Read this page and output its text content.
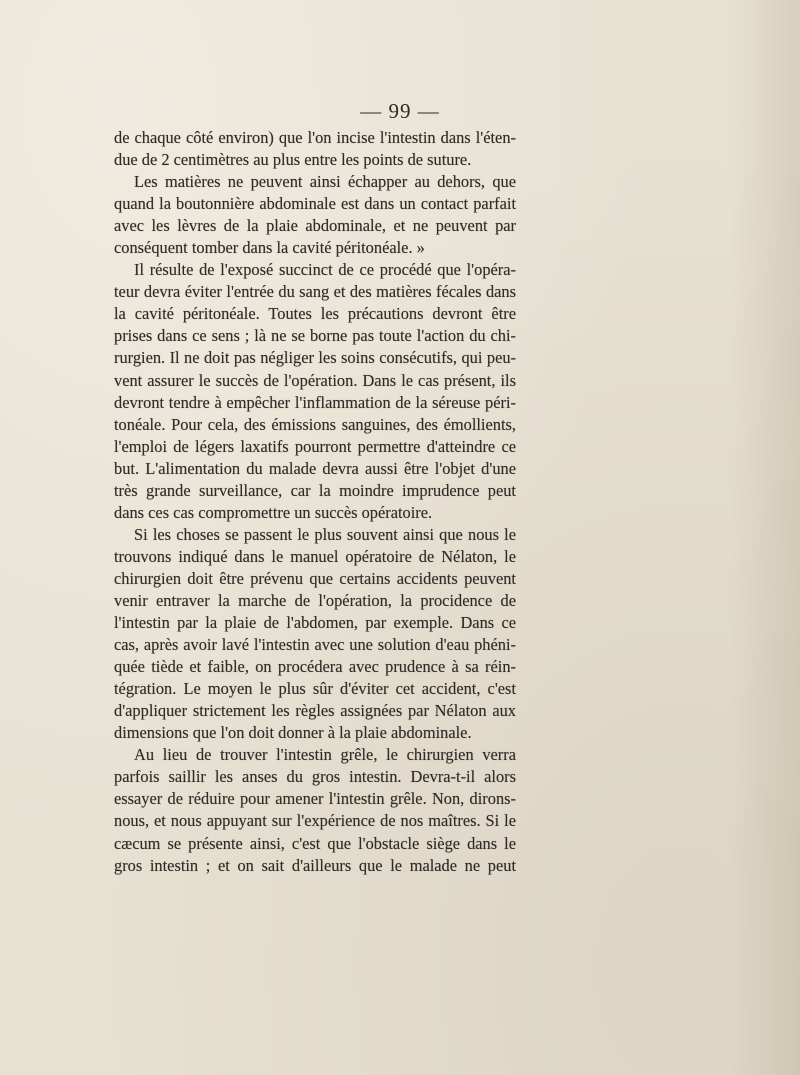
— 99 —

de chaque côté environ) que l'on incise l'intestin dans l'éten-

due de 2 centimètres au plus entre les points de suture.

Les matières ne peuvent ainsi échapper au dehors, que

quand la boutonnière abdominale est dans un contact parfait

avec les lèvres de la plaie abdominale, et ne peuvent par

conséquent tomber dans la cavité péritonéale. »

Il résulte de l'exposé succinct de ce procédé que l'opéra-

teur devra éviter l'entrée du sang et des matières fécales dans

la cavité péritonéale. Toutes les précautions devront être

prises dans ce sens ; là ne se borne pas toute l'action du chi-

rurgien. Il ne doit pas négliger les soins consécutifs, qui peu-

vent assurer le succès de l'opération. Dans le cas présent, ils

devront tendre à empêcher l'inflammation de la séreuse péri-

tonéale. Pour cela, des émissions sanguines, des émollients,

l'emploi de légers laxatifs pourront permettre d'atteindre ce

but. L'alimentation du malade devra aussi être l'objet d'une

très grande surveillance, car la moindre imprudence peut

dans ces cas compromettre un succès opératoire.

Si les choses se passent le plus souvent ainsi que nous le

trouvons indiqué dans le manuel opératoire de Nélaton, le

chirurgien doit être prévenu que certains accidents peuvent

venir entraver la marche de l'opération, la procidence de

l'intestin par la plaie de l'abdomen, par exemple. Dans ce

cas, après avoir lavé l'intestin avec une solution d'eau phéni-

quée tiède et faible, on procédera avec prudence à sa réin-

tégration. Le moyen le plus sûr d'éviter cet accident, c'est

d'appliquer strictement les règles assignées par Nélaton aux

dimensions que l'on doit donner à la plaie abdominale.

Au lieu de trouver l'intestin grêle, le chirurgien verra

parfois saillir les anses du gros intestin. Devra-t-il alors

essayer de réduire pour amener l'intestin grêle. Non, dirons-

nous, et nous appuyant sur l'expérience de nos maîtres. Si le

cæcum se présente ainsi, c'est que l'obstacle siège dans le

gros intestin ; et on sait d'ailleurs que le malade ne peut
